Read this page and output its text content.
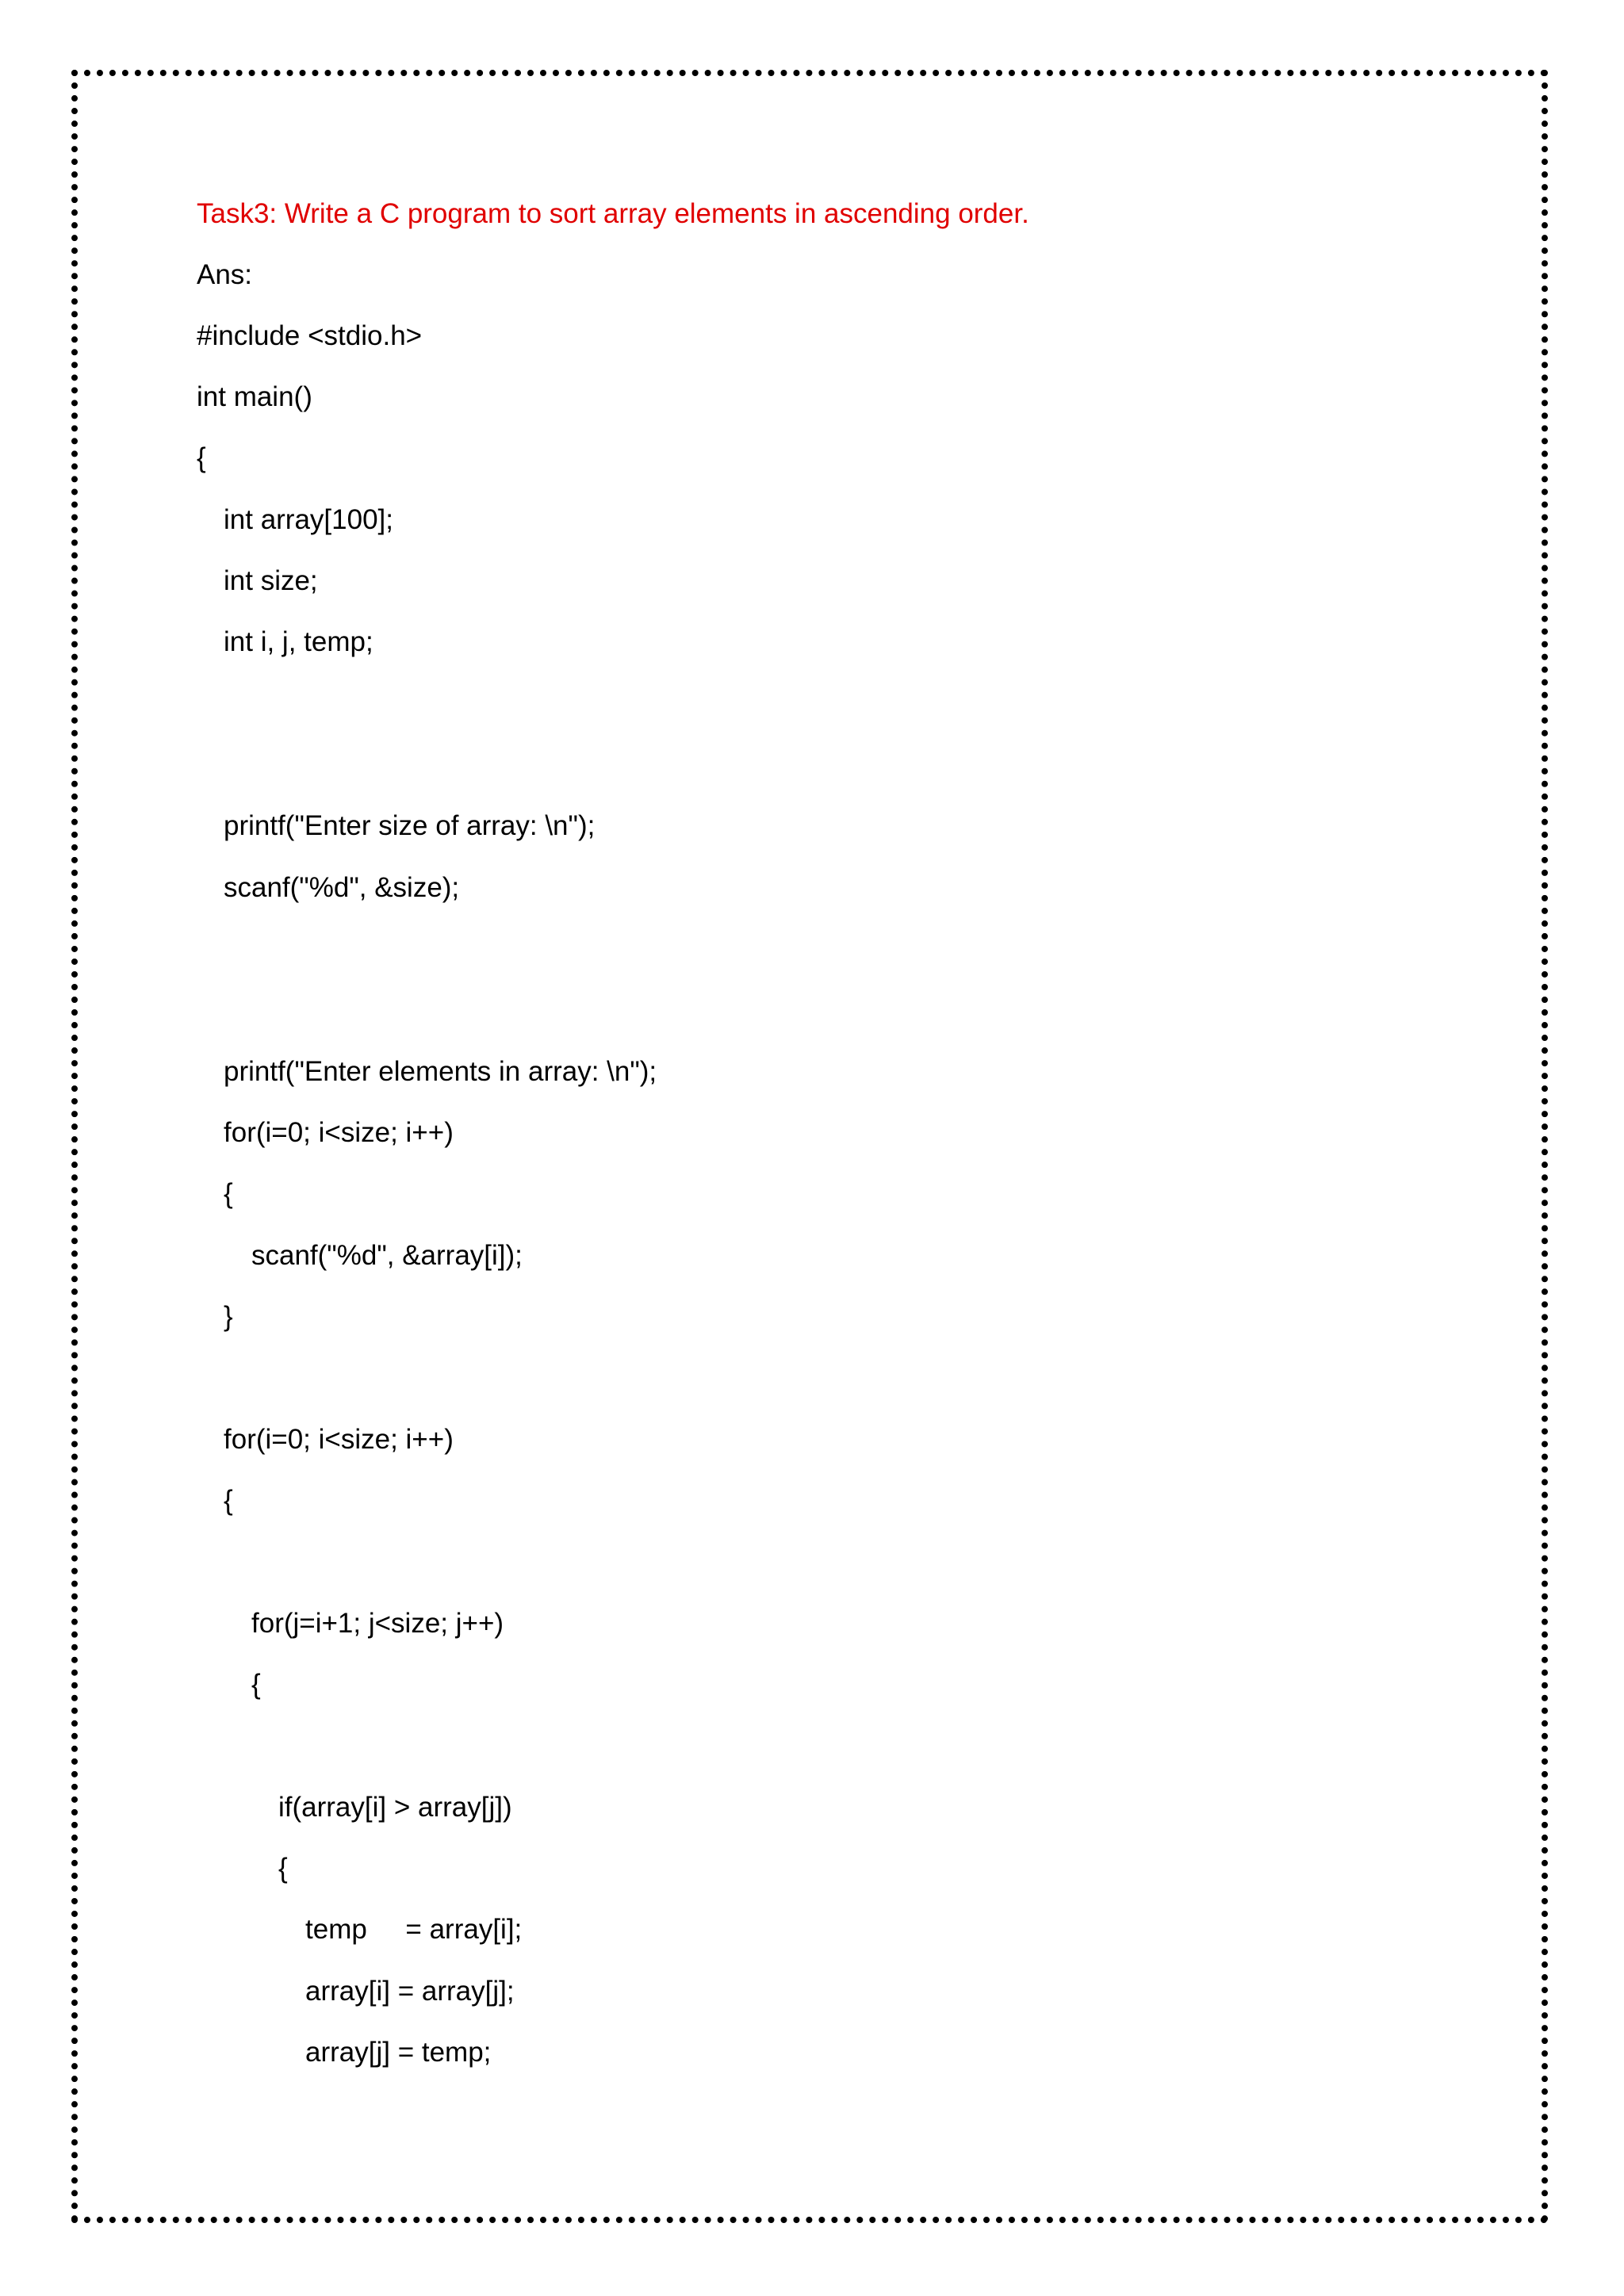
Task3: Write a C program to sort array elements in ascending order.

Ans:

#include <stdio.h>

int main()

{

int array[100];

int size;

int i, j, temp;

printf("Enter size of array: \n");

scanf("%d", &size);

printf("Enter elements in array: \n");

for(i=0; i<size; i++)

{

scanf("%d", &array[i]);

}

for(i=0; i<size; i++)

{

for(j=i+1; j<size; j++)

{

if(array[i] > array[j])

{

temp     = array[i];

array[i] = array[j];

array[j] = temp;
